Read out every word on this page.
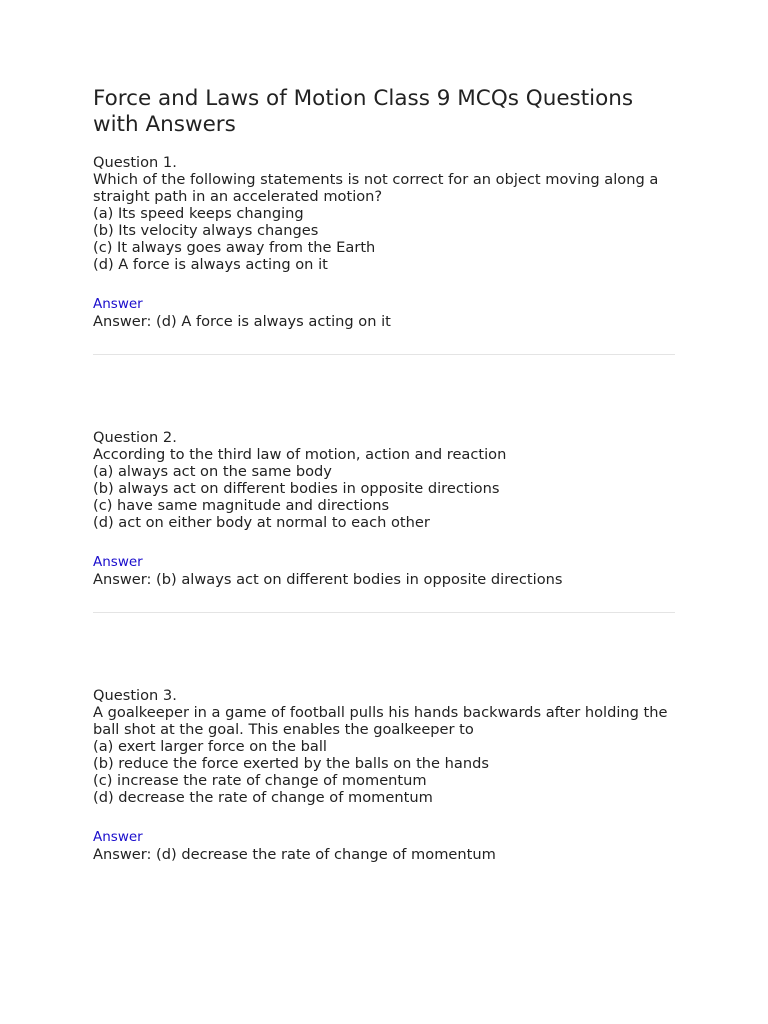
Force and Laws of Motion Class 9 MCQs Questions with Answers

Question 1.

Which of the following statements is not correct for an object moving along a straight path in an accelerated motion?

(a) Its speed keeps changing

(b) Its velocity always changes

(c) It always goes away from the Earth

(d) A force is always acting on it

Answer

Answer: (d) A force is always acting on it

Question 2.

According to the third law of motion, action and reaction

(a) always act on the same body

(b) always act on different bodies in opposite directions

(c) have same magnitude and directions

(d) act on either body at normal to each other

Answer

Answer: (b) always act on different bodies in opposite directions

Question 3.

A goalkeeper in a game of football pulls his hands backwards after holding the ball shot at the goal. This enables the goalkeeper to

(a) exert larger force on the ball

(b) reduce the force exerted by the balls on the hands

(c) increase the rate of change of momentum

(d) decrease the rate of change of momentum

Answer

Answer: (d) decrease the rate of change of momentum
